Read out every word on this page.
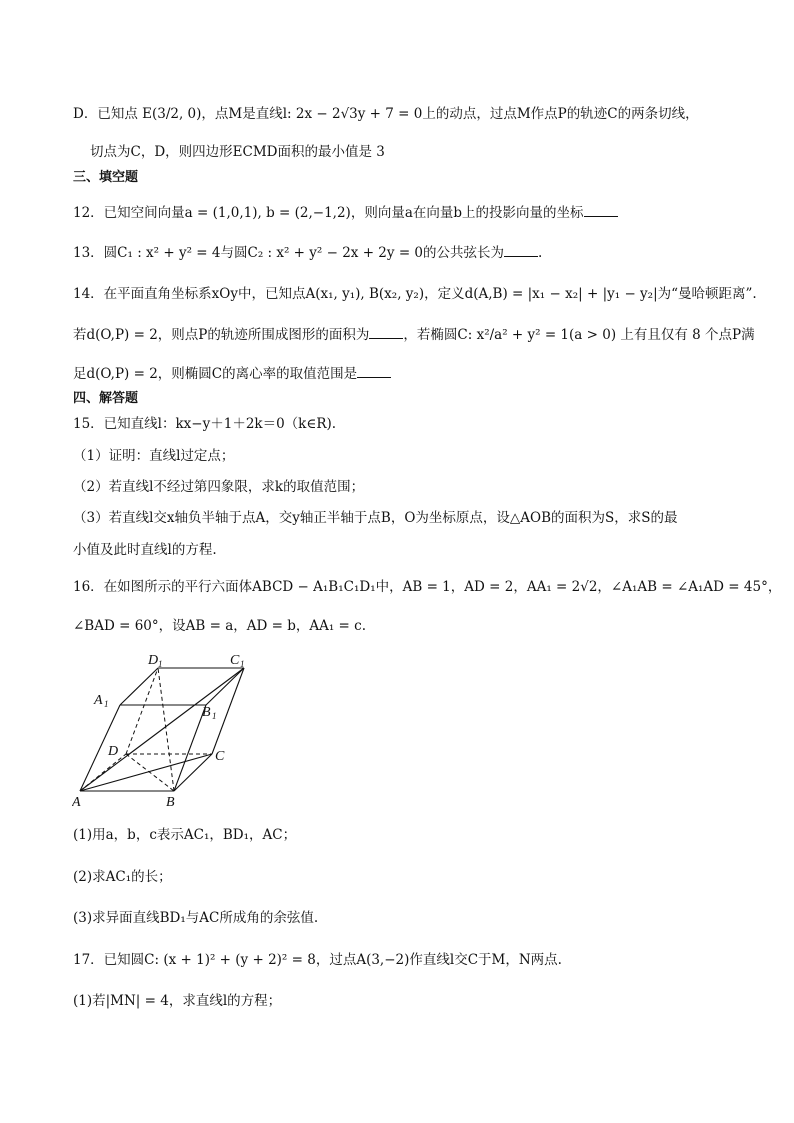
D．已知点 E(3/2, 0)，点M是直线l: 2x − 2√3y + 7 = 0上的动点，过点M作点P的轨迹C的两条切线，
切点为C，D，则四边形ECMD面积的最小值是 3
三、填空题
12．已知空间向量a = (1,0,1), b = (2,−1,2)，则向量a在向量b上的投影向量的坐标
13．圆C₁ : x² + y² = 4与圆C₂ : x² + y² − 2x + 2y = 0的公共弦长为	.
14．在平面直角坐标系xOy中，已知点A(x₁, y₁), B(x₂, y₂)，定义d(A,B) = |x₁ − x₂| + |y₁ − y₂|为“曼哈顿距离”.
若d(O,P) = 2，则点P的轨迹所围成图形的面积为	，若椭圆C: x²/a² + y² = 1(a > 0) 上有且仅有 8 个点P满
足d(O,P) = 2，则椭圆C的离心率的取值范围是
四、解答题
15．已知直线l：kx−y＋1＋2k＝0（k∈R).
（1）证明：直线l过定点；
（2）若直线l不经过第四象限，求k的取值范围；
（3）若直线l交x轴负半轴于点A，交y轴正半轴于点B，O为坐标原点，设△AOB的面积为S，求S的最
小值及此时直线l的方程.
16．在如图所示的平行六面体ABCD − A₁B₁C₁D₁中，AB = 1，AD = 2，AA₁ = 2√2，∠A₁AB = ∠A₁AD = 45°，
∠BAD = 60°，设AB = a，AD = b，AA₁ = c.
A	B
C
D
A 1
B 1
D 1	C 1
(1)用a，b，c表示AC₁，BD₁，AC；
(2)求AC₁的长；
(3)求异面直线BD₁与AC所成角的余弦值.
17．已知圆C: (x + 1)² + (y + 2)² = 8，过点A(3,−2)作直线l交C于M，N两点.
(1)若|MN| = 4，求直线l的方程；
